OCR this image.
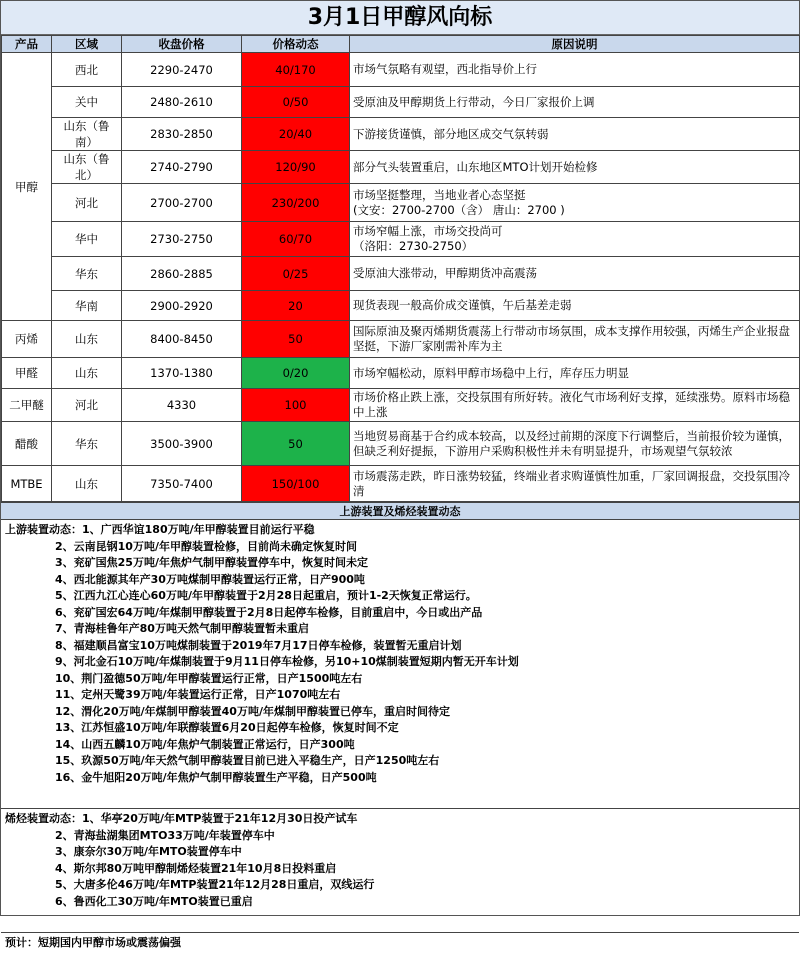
3月1日甲醇风向标
产品	区域	收盘价格	价格动态	原因说明
甲醇	西北	2290-2470	40/170	市场气氛略有观望，西北指导价上行

	关中	2480-2610	0/50	受原油及甲醇期货上行带动，今日厂家报价上调

	山东（鲁南）	2830-2850	20/40	下游接货谨慎，部分地区成交气氛转弱

	山东（鲁北）	2740-2790	120/90	部分气头装置重启，山东地区MTO计划开始检修

	河北	2700-2700	230/200	市场坚挺整理，当地业者心态坚挺
(文安：2700-2700（含） 唐山：2700 )

	华中	2730-2750	60/70	市场窄幅上涨，市场交投尚可
（洛阳：2730-2750）

	华东	2860-2885	0/25	受原油大涨带动，甲醇期货冲高震荡

	华南	2900-2920	20	现货表现一般高价成交谨慎，午后基差走弱

丙烯	山东	8400-8450	50	国际原油及聚丙烯期货震荡上行带动市场氛围，成本支撑作用较强，丙烯生产企业报盘坚挺，下游厂家刚需补库为主
甲醛	山东	1370-1380	0/20	市场窄幅松动，原料甲醇市场稳中上行，库存压力明显
二甲醚	河北	4330	100	市场价格止跌上涨，交投氛围有所好转。液化气市场利好支撑，延续涨势。原料市场稳中上涨
醋酸	华东	3500-3900	50	当地贸易商基于合约成本较高，以及经过前期的深度下行调整后，当前报价较为谨慎，但缺乏利好提振，下游用户采购积极性并未有明显提升，市场观望气氛较浓
MTBE	山东	7350-7400	150/100	市场震荡走跌，昨日涨势较猛，终端业者求购谨慎性加重，厂家回调报盘，交投氛围冷清
上游装置及烯烃装置动态
上游装置动态：1、广西华谊180万吨/年甲醇装置目前运行平稳
2、云南昆钢10万吨/年甲醇装置检修，目前尚未确定恢复时间
3、兖矿国焦25万吨/年焦炉气制甲醇装置停车中，恢复时间未定
4、西北能源其年产30万吨煤制甲醇装置运行正常，日产900吨
5、江西九江心连心60万吨/年甲醇装置于2月28日起重启，预计1-2天恢复正常运行。
6、兖矿国宏64万吨/年煤制甲醇装置于2月8日起停车检修，目前重启中，今日或出产品
7、青海桂鲁年产80万吨天然气制甲醇装置暂未重启
8、福建顺昌富宝10万吨煤制装置于2019年7月17日停车检修，装置暂无重启计划
9、河北金石10万吨/年煤制装置于9月11日停车检修，另10+10煤制装置短期内暂无开车计划
10、荆门盈德50万吨/年甲醇装置运行正常，日产1500吨左右
11、定州天鹭39万吨/年装置运行正常，日产1070吨左右
12、渭化20万吨/年煤制甲醇装置40万吨/年煤制甲醇装置已停车，重启时间待定
13、江苏恒盛10万吨/年联醇装置6月20日起停车检修，恢复时间不定
14、山西五麟10万吨/年焦炉气制装置正常运行，日产300吨
15、玖源50万吨/年天然气制甲醇装置目前已进入平稳生产，日产1250吨左右
16、金牛旭阳20万吨/年焦炉气制甲醇装置生产平稳，日产500吨
烯烃装置动态：1、华亭20万吨/年MTP装置于21年12月30日投产试车
2、青海盐湖集团MTO33万吨/年装置停车中
3、康奈尔30万吨/年MTO装置停车中
4、斯尔邦80万吨甲醇制烯烃装置21年10月8日投料重启
5、大唐多伦46万吨/年MTP装置21年12月28日重启，双线运行
6、鲁西化工30万吨/年MTO装置已重启
预计：短期国内甲醇市场或震荡偏强
